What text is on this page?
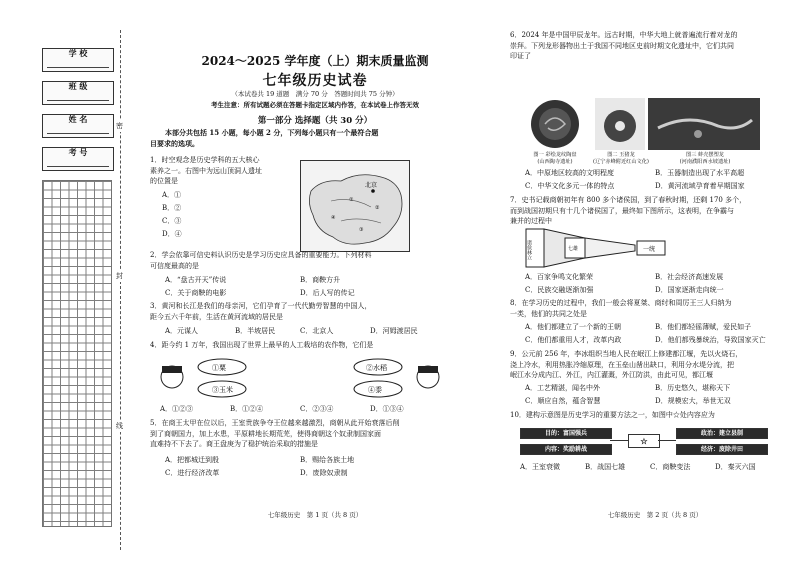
学 校
班 级
姓 名
考 号
密
封
线
2024～2025 学年度（上）期末质量监测
七年级历史试卷
（本试卷共 19 道题　满分 70 分　答题时间共 75 分钟）
考生注意：所有试题必须在答题卡指定区域内作答，在本试卷上作答无效
第一部分 选择题（共 30 分）
本部分共包括 15 小题，每小题 2 分，下列每小题只有一个最符合题
目要求的选项。
1．时空观念是历史学科的五大核心
素养之一。右图中为远山顶洞人遗址
的位置是
A．①
B．②
C．③
D．④
北京
①
②
③
④
2．学会依靠可信史料认识历史是学习历史应具备的重要能力。下列材料
可信度最高的是
A．“盘古开天”传说	B．商鞅方升
C．关于商鞅的电影	D．后人写的传记
3．黄河和长江是我们的母亲河，它们孕育了一代代勤劳智慧的中国人，
距今五六千年前，生活在黄河流域的居民是
A．元谋人	B．半坡居民	C．北京人	D．河姆渡居民
4．距今约 1 万年，我国出现了世界上最早的人工栽培的农作物，它们是
①粟
③玉米
②水稻
④黍
A．①②③	B．①②④	C．②③④	D．①③④
5．在商王太甲在位以后，王室贵族争夺王位越来越激烈，商朝从此开始衰落后削
到了商朝国力，加上水患，平原耕地长期荒芜，使得商朝这个奴隶制国家面
直难持不下去了。商王盘庚为了稳护统治采取的措施是
A．把都城迁到殷	B．赐给各族土地
C．进行经济改革	D．废除奴隶制
七年级历史　第 1 页（共 8 页）
6．2024 年是中国甲辰龙年。远古时期，中华大地上就普遍流行着对龙的
崇拜。下列龙形器物出土于我国不同地区史前时期文化遗址中，它们共同
印证了
图一 彩绘龙纹陶盘
(山西陶寺遗址)
图二 玉猪龙
(辽宁赤峰附近红山文化)
图三 蚌壳摆塑龙
(河南濮阳西水坡遗址)
A．中原地区较高的文明程度	B．玉器制造出现了水平高超
C．中华文化多元一体的特点	D．黄河流域孕育着早期国家
7．史书记载商朝初年有 800 多个诸侯国，到了春秋时期，还剩 170 多个，
而到战国初期只有十几个诸侯国了，最终如下图所示，这表明，在争霸与
兼并的过程中
诸侯林立	七雄	一统
A．百家争鸣文化繁荣	B．社会经济高速发展
C．民族交融逐渐加强	D．国家逐渐走向统一
8．在学习历史的过程中，我们一般会将夏桀、商纣和周厉王三人归纳为
一类，他们的共同之处是
A．他们都建立了一个新的王朝	B．他们都轻徭薄赋，爱民如子
C．他们都重用人才，改革内政	D．他们都残暴统治，导致国家灭亡
9．公元前 256 年，李冰组织当地人民在岷江上修建都江堰，先以火烧石，
浇上冷水，利用热胀冷缩原理，在玉垒山凿出缺口，利用分水堤分流，把
岷江水分成内江、外江，内江灌溉，外江防洪，由此可见，都江堰
A．工艺精湛，闻名中外	B．历史悠久，堪称天下
C．顺应自然，蕴含智慧	D．规模宏大，举世无双
10．建构示意图是历史学习的重要方法之一，如图中☆处内容应为
目的：富国强兵
内容：奖励耕战
☆
政治：建立县制
经济：废除井田
A．王室衰微	B．战国七雄	C．商鞅变法	D．秦灭六国
七年级历史　第 2 页（共 8 页）
